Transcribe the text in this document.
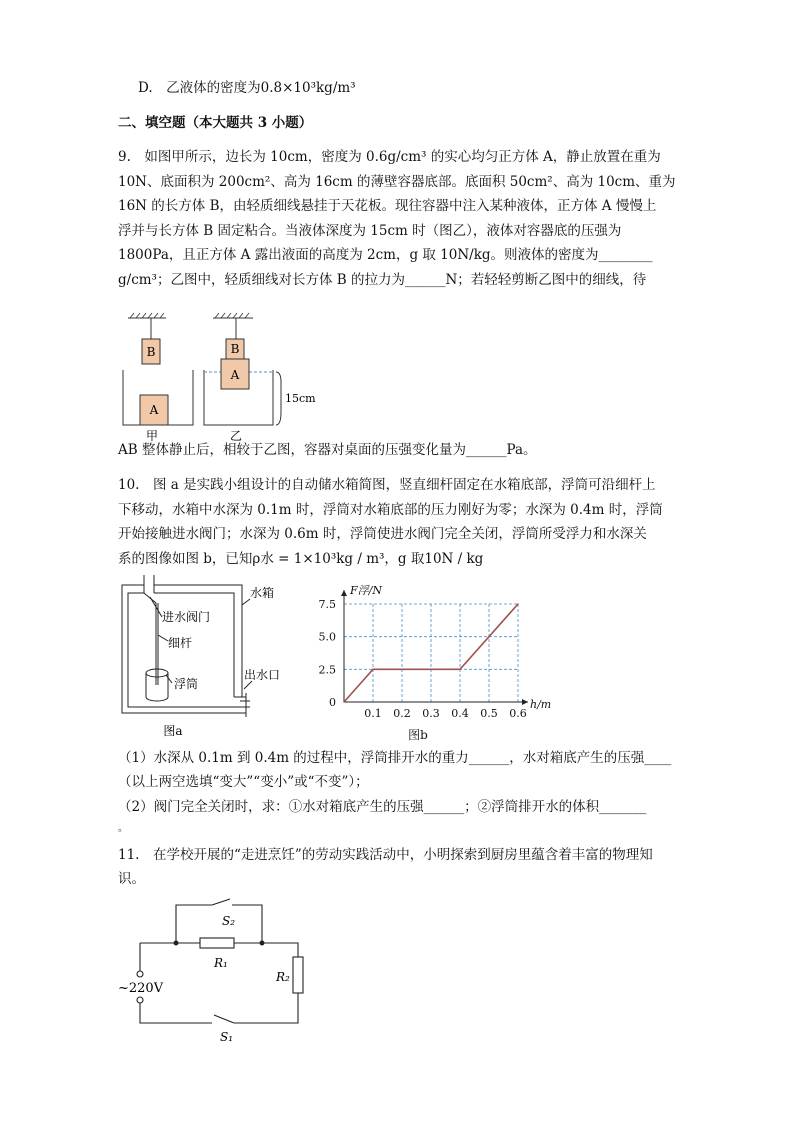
D.　乙液体的密度为0.8×10³kg/m³
二、填空题（本大题共 3 小题）
9.　如图甲所示，边长为 10cm，密度为 0.6g/cm³ 的实心均匀正方体 A，静止放置在重为
10N、底面积为 200cm²、高为 16cm 的薄壁容器底部。底面积 50cm²、高为 10cm、重为
16N 的长方体 B，由轻质细线悬挂于天花板。现往容器中注入某种液体，正方体 A 慢慢上
浮并与长方体 B 固定粘合。当液体深度为 15cm 时（图乙），液体对容器底的压强为
1800Pa，且正方体 A 露出液面的高度为 2cm，g 取 10N/kg。则液体的密度为________
g/cm³；乙图中，轻质细线对长方体 B 的拉力为______N；若轻轻剪断乙图中的细线，待
B	B
A
A
15cm
甲	乙
AB 整体静止后，相较于乙图，容器对桌面的压强变化量为______Pa。
10.　图 a 是实践小组设计的自动储水箱简图，竖直细杆固定在水箱底部，浮筒可沿细杆上
下移动，水箱中水深为 0.1m 时，浮筒对水箱底部的压力刚好为零；水深为 0.4m 时，浮筒
开始接触进水阀门；水深为 0.6m 时，浮筒使进水阀门完全关闭，浮筒所受浮力和水深关
系的图像如图 b，已知ρ水 = 1×10³kg / m³，g 取10N / kg
水箱
进水阀门
细杆
浮筒
出水口
图a
0.1 0.2 0.3 0.4 0.5 0.6
0
2.5
5.0
7.5
h/m
F浮/N
图b
（1）水深从 0.1m 到 0.4m 的过程中，浮筒排开水的重力______，水对箱底产生的压强____
（以上两空选填“变大”“变小”或“不变”）；
（2）阀门完全关闭时，求：①水对箱底产生的压强______；②浮筒排开水的体积_______
。
11.　在学校开展的“走进烹饪”的劳动实践活动中，小明探索到厨房里蕴含着丰富的物理知
识。
S₂
R₁
R₂
S₁
~220V
